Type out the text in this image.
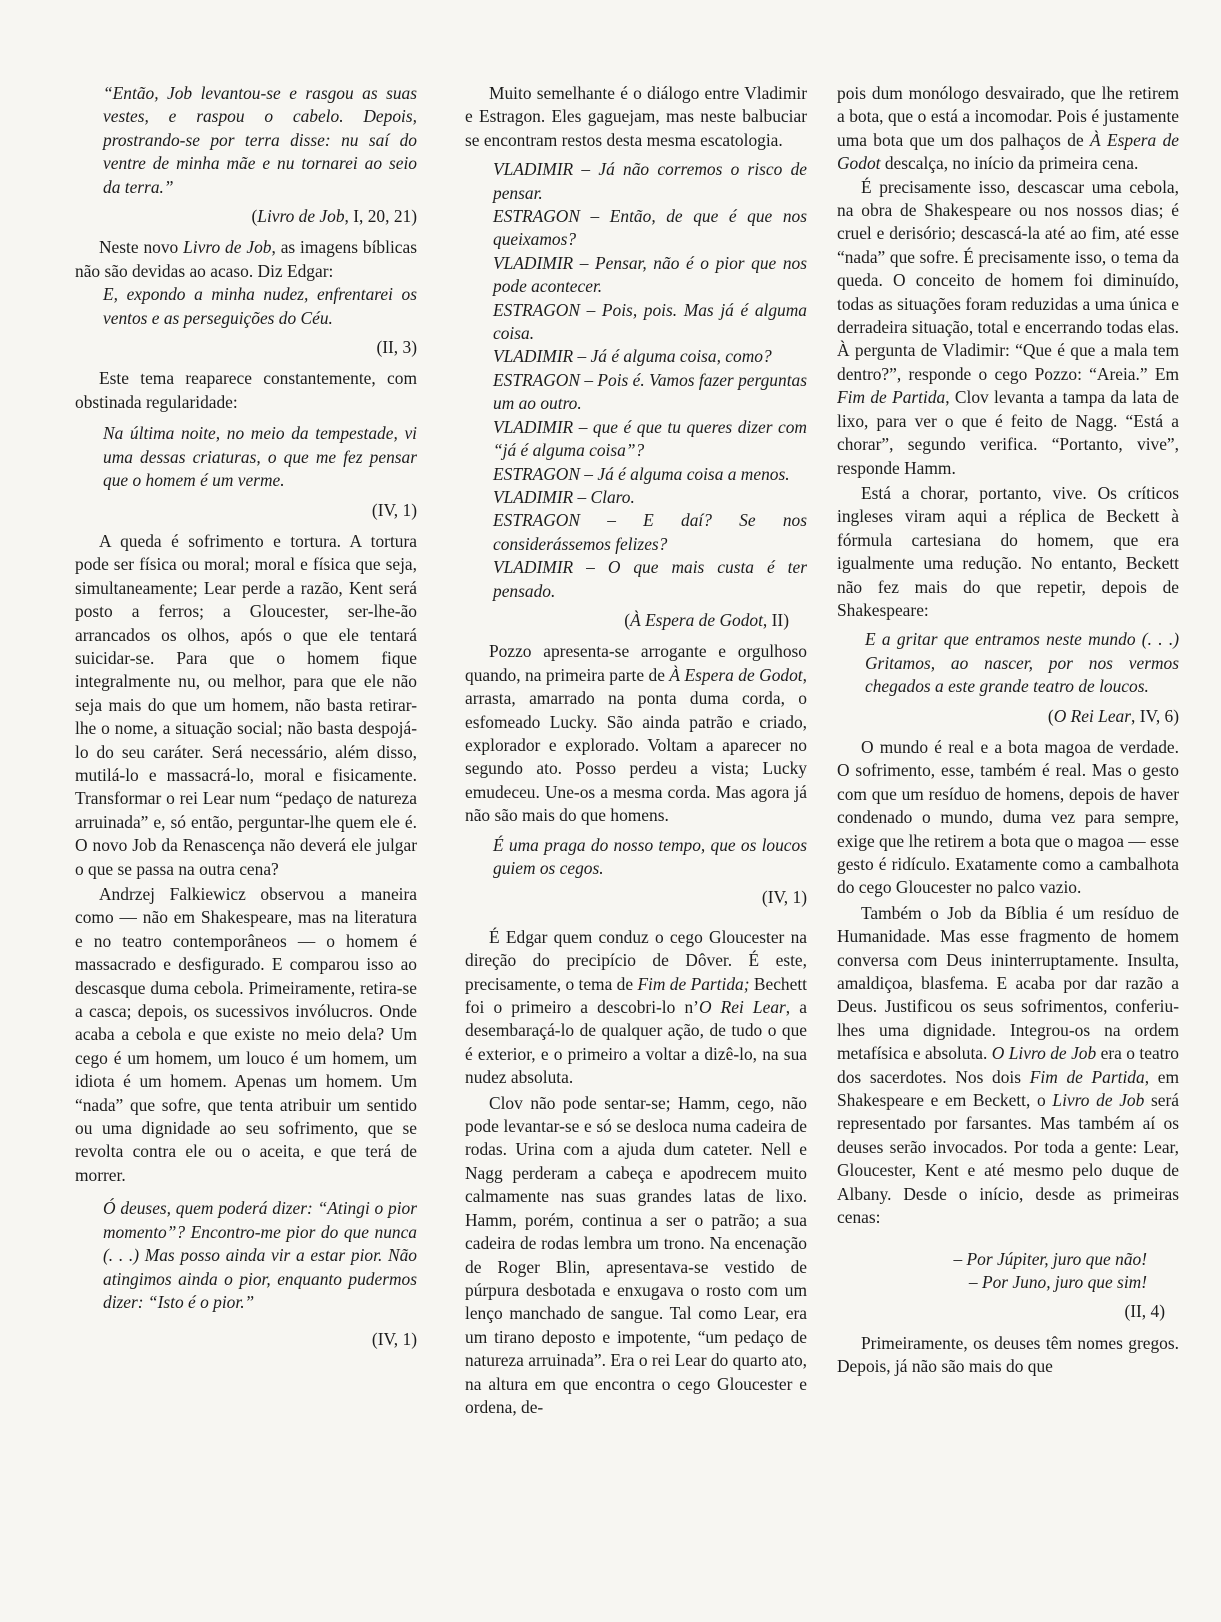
“Então, Job levantou-se e rasgou as suas vestes, e raspou o cabelo. Depois, prostrando-se por terra disse: nu saí do ventre de minha mãe e nu tornarei ao seio da terra.”

(Livro de Job, I, 20, 21)

Neste novo Livro de Job, as imagens bíblicas não são devidas ao acaso. Diz Edgar:

E, expondo a minha nudez, enfrentarei os ventos e as perseguições do Céu.

(II, 3)

Este tema reaparece constantemente, com obstinada regularidade:

Na última noite, no meio da tempestade, vi uma dessas criaturas, o que me fez pensar que o homem é um verme.

(IV, 1)

A queda é sofrimento e tortura. A tortura pode ser física ou moral; moral e física que seja, simultaneamente; Lear perde a razão, Kent será posto a ferros; a Gloucester, ser-lhe-ão arrancados os olhos, após o que ele tentará suicidar-se. Para que o homem fique integralmente nu, ou melhor, para que ele não seja mais do que um homem, não basta retirar-lhe o nome, a situação social; não basta despojá-lo do seu caráter. Será necessário, além disso, mutilá-lo e massacrá-lo, moral e fisicamente. Transformar o rei Lear num “pedaço de natureza arruinada” e, só então, perguntar-lhe quem ele é. O novo Job da Renascença não deverá ele julgar o que se passa na outra cena?

Andrzej Falkiewicz observou a maneira como — não em Shakespeare, mas na literatura e no teatro contemporâneos — o homem é massacrado e desfigurado. E comparou isso ao descasque duma cebola. Primeiramente, retira-se a casca; depois, os sucessivos invólucros. Onde acaba a cebola e que existe no meio dela? Um cego é um homem, um louco é um homem, um idiota é um homem. Apenas um homem. Um “nada” que sofre, que tenta atribuir um sentido ou uma dignidade ao seu sofrimento, que se revolta contra ele ou o aceita, e que terá de morrer.

Ó deuses, quem poderá dizer: “Atingi o pior momento”? Encontro-me pior do que nunca (. . .) Mas posso ainda vir a estar pior. Não atingimos ainda o pior, enquanto pudermos dizer: “Isto é o pior.”

(IV, 1)

Muito semelhante é o diálogo entre Vladimir e Estragon. Eles gaguejam, mas neste balbuciar se encontram restos desta mesma escatologia.

VLADIMIR – Já não corremos o risco de pensar.

ESTRAGON – Então, de que é que nos queixamos?

VLADIMIR – Pensar, não é o pior que nos pode acontecer.

ESTRAGON – Pois, pois. Mas já é alguma coisa.

VLADIMIR – Já é alguma coisa, como?

ESTRAGON – Pois é. Vamos fazer perguntas um ao outro.

VLADIMIR – que é que tu queres dizer com “já é alguma coisa”?

ESTRAGON – Já é alguma coisa a menos.

VLADIMIR – Claro.

ESTRAGON – E daí? Se nos considerássemos felizes?

VLADIMIR – O que mais custa é ter pensado.

(À Espera de Godot, II)

Pozzo apresenta-se arrogante e orgulhoso quando, na primeira parte de À Espera de Godot, arrasta, amarrado na ponta duma corda, o esfomeado Lucky. São ainda patrão e criado, explorador e explorado. Voltam a aparecer no segundo ato. Posso perdeu a vista; Lucky emudeceu. Une-os a mesma corda. Mas agora já não são mais do que homens.

É uma praga do nosso tempo, que os loucos guiem os cegos.

(IV, 1)

É Edgar quem conduz o cego Gloucester na direção do precipício de Dôver. É este, precisamente, o tema de Fim de Partida; Bechett foi o primeiro a descobri-lo n’O Rei Lear, a desembaraçá-lo de qualquer ação, de tudo o que é exterior, e o primeiro a voltar a dizê-lo, na sua nudez absoluta.

Clov não pode sentar-se; Hamm, cego, não pode levantar-se e só se desloca numa cadeira de rodas. Urina com a ajuda dum cateter. Nell e Nagg perderam a cabeça e apodrecem muito calmamente nas suas grandes latas de lixo. Hamm, porém, continua a ser o patrão; a sua cadeira de rodas lembra um trono. Na encenação de Roger Blin, apresentava-se vestido de púrpura desbotada e enxugava o rosto com um lenço manchado de sangue. Tal como Lear, era um tirano deposto e impotente, “um pedaço de natureza arruinada”. Era o rei Lear do quarto ato, na altura em que encontra o cego Gloucester e ordena, de-

pois dum monólogo desvairado, que lhe retirem a bota, que o está a incomodar. Pois é justamente uma bota que um dos palhaços de À Espera de Godot descalça, no início da primeira cena.

É precisamente isso, descascar uma cebola, na obra de Shakespeare ou nos nossos dias; é cruel e derisório; descascá-la até ao fim, até esse “nada” que sofre. É precisamente isso, o tema da queda. O conceito de homem foi diminuído, todas as situações foram reduzidas a uma única e derradeira situação, total e encerrando todas elas. À pergunta de Vladimir: “Que é que a mala tem dentro?”, responde o cego Pozzo: “Areia.” Em Fim de Partida, Clov levanta a tampa da lata de lixo, para ver o que é feito de Nagg. “Está a chorar”, segundo verifica. “Portanto, vive”, responde Hamm.

Está a chorar, portanto, vive. Os críticos ingleses viram aqui a réplica de Beckett à fórmula cartesiana do homem, que era igualmente uma redução. No entanto, Beckett não fez mais do que repetir, depois de Shakespeare:

E a gritar que entramos neste mundo (. . .) Gritamos, ao nascer, por nos vermos chegados a este grande teatro de loucos.

(O Rei Lear, IV, 6)

O mundo é real e a bota magoa de verdade. O sofrimento, esse, também é real. Mas o gesto com que um resíduo de homens, depois de haver condenado o mundo, duma vez para sempre, exige que lhe retirem a bota que o magoa — esse gesto é ridículo. Exatamente como a cambalhota do cego Gloucester no palco vazio.

Também o Job da Bíblia é um resíduo de Humanidade. Mas esse fragmento de homem conversa com Deus ininterruptamente. Insulta, amaldiçoa, blasfema. E acaba por dar razão a Deus. Justificou os seus sofrimentos, conferiu-lhes uma dignidade. Integrou-os na ordem metafísica e absoluta. O Livro de Job era o teatro dos sacerdotes. Nos dois Fim de Partida, em Shakespeare e em Beckett, o Livro de Job será representado por farsantes. Mas também aí os deuses serão invocados. Por toda a gente: Lear, Gloucester, Kent e até mesmo pelo duque de Albany. Desde o início, desde as primeiras cenas:

– Por Júpiter, juro que não!

– Por Juno, juro que sim!

(II, 4)

Primeiramente, os deuses têm nomes gregos. Depois, já não são mais do que
